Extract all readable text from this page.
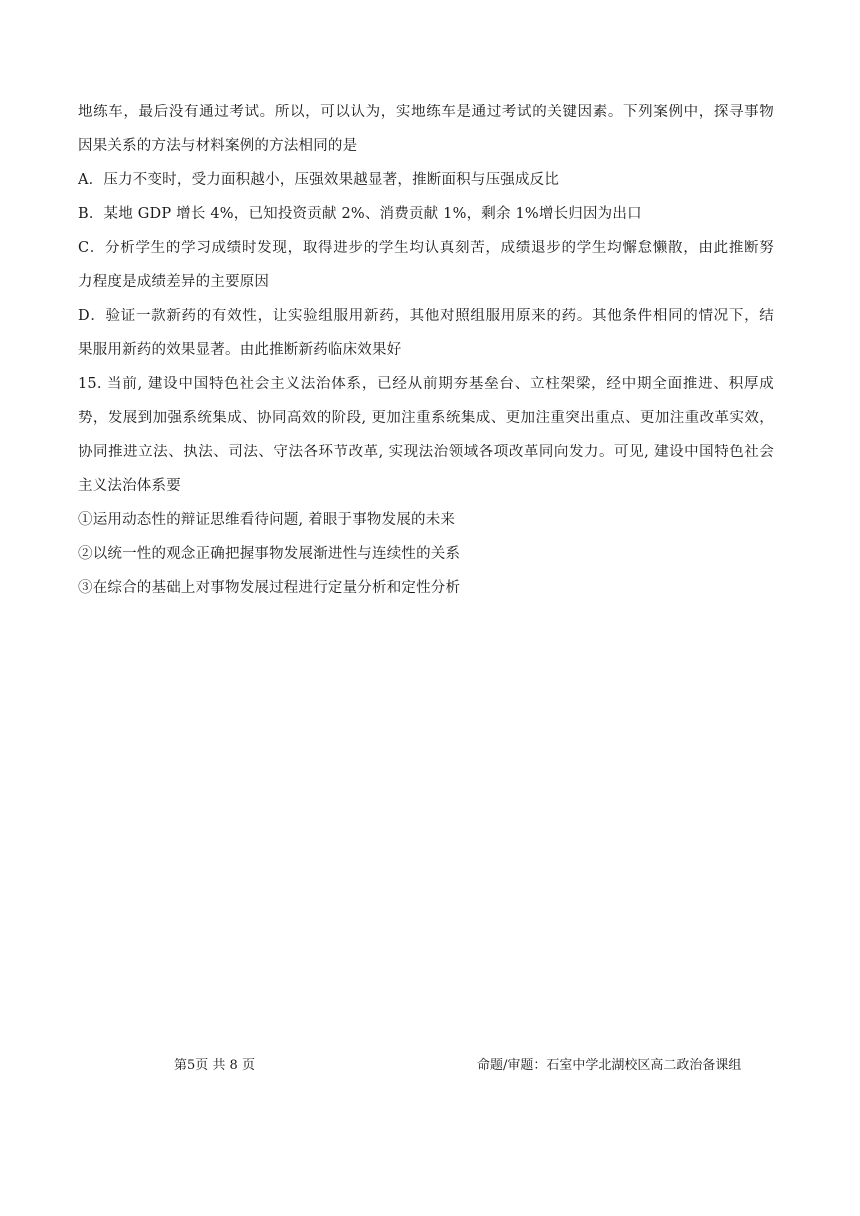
地练车，最后没有通过考试。所以，可以认为，实地练车是通过考试的关键因素。下列案例中，探寻事物
因果关系的方法与材料案例的方法相同的是
A．压力不变时，受力面积越小，压强效果越显著，推断面积与压强成反比
B．某地 GDP 增长 4%，已知投资贡献 2%、消费贡献 1%，剩余 1%增长归因为出口
C．分析学生的学习成绩时发现，取得进步的学生均认真刻苦，成绩退步的学生均懈怠懒散，由此推断努
力程度是成绩差异的主要原因
D．验证一款新药的有效性，让实验组服用新药，其他对照组服用原来的药。其他条件相同的情况下，结
果服用新药的效果显著。由此推断新药临床效果好
15. 当前, 建设中国特色社会主义法治体系，已经从前期夯基垒台、立柱架梁，经中期全面推进、积厚成
势，发展到加强系统集成、协同高效的阶段, 更加注重系统集成、更加注重突出重点、更加注重改革实效，
协同推进立法、执法、司法、守法各环节改革, 实现法治领域各项改革同向发力。可见, 建设中国特色社会
主义法治体系要
①运用动态性的辩证思维看待问题, 着眼于事物发展的未来
②以统一性的观念正确把握事物发展渐进性与连续性的关系
③在综合的基础上对事物发展过程进行定量分析和定性分析
第5页 共 8 页	命题/审题：石室中学北湖校区高二政治备课组
